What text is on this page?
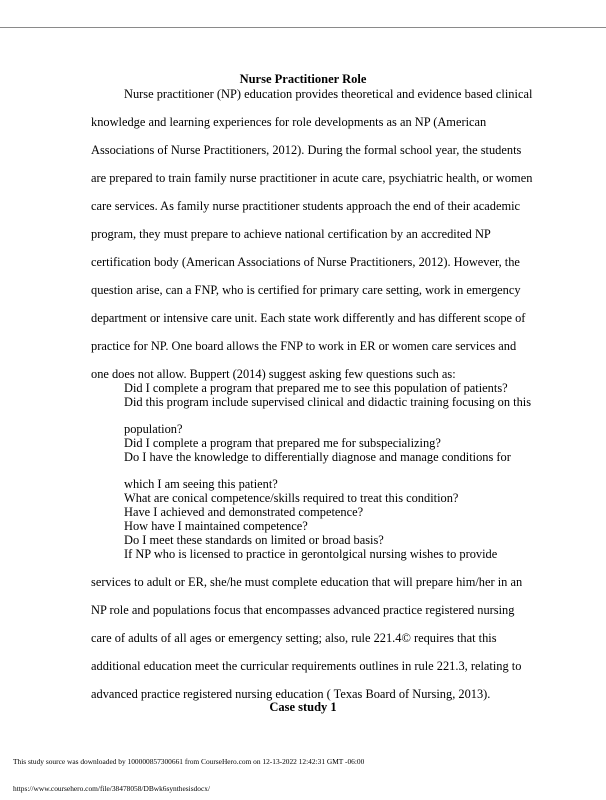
Nurse Practitioner Role
Nurse practitioner (NP) education provides theoretical and evidence based clinical
knowledge and learning experiences for role developments as an NP (American
Associations of Nurse Practitioners, 2012). During the formal school year, the students
are prepared to train family nurse practitioner in acute care, psychiatric health, or women
care services. As family nurse practitioner students approach the end of their academic
program, they must prepare to achieve national certification by an accredited NP
certification body (American Associations of Nurse Practitioners, 2012). However, the
question arise, can a FNP, who is certified for primary care setting, work in emergency
department or intensive care unit. Each state work differently and has different scope of
practice for NP. One board allows the FNP to work in ER or women care services and
one does not allow. Buppert (2014) suggest asking few questions such as:
Did I complete a program that prepared me to see this population of patients?
Did this program include supervised clinical and didactic training focusing on this
population?
Did I complete a program that prepared me for subspecializing?
Do I have the knowledge to differentially diagnose and manage conditions for
which I am seeing this patient?
What are conical competence/skills required to treat this condition?
Have I achieved and demonstrated competence?
How have I maintained competence?
Do I meet these standards on limited or broad basis?
If NP who is licensed to practice in gerontolgical nursing wishes to provide
services to adult or ER, she/he must complete education that will prepare him/her in an
NP role and populations focus that encompasses advanced practice registered nursing
care of adults of all ages or emergency setting; also, rule 221.4© requires that this
additional education meet the curricular requirements outlines in rule 221.3, relating to
advanced practice registered nursing education ( Texas Board of Nursing, 2013).
Case study 1
This study source was downloaded by 100000857300661 from CourseHero.com on 12-13-2022 12:42:31 GMT -06:00
https://www.coursehero.com/file/38478058/DBwk6synthesisdocx/
